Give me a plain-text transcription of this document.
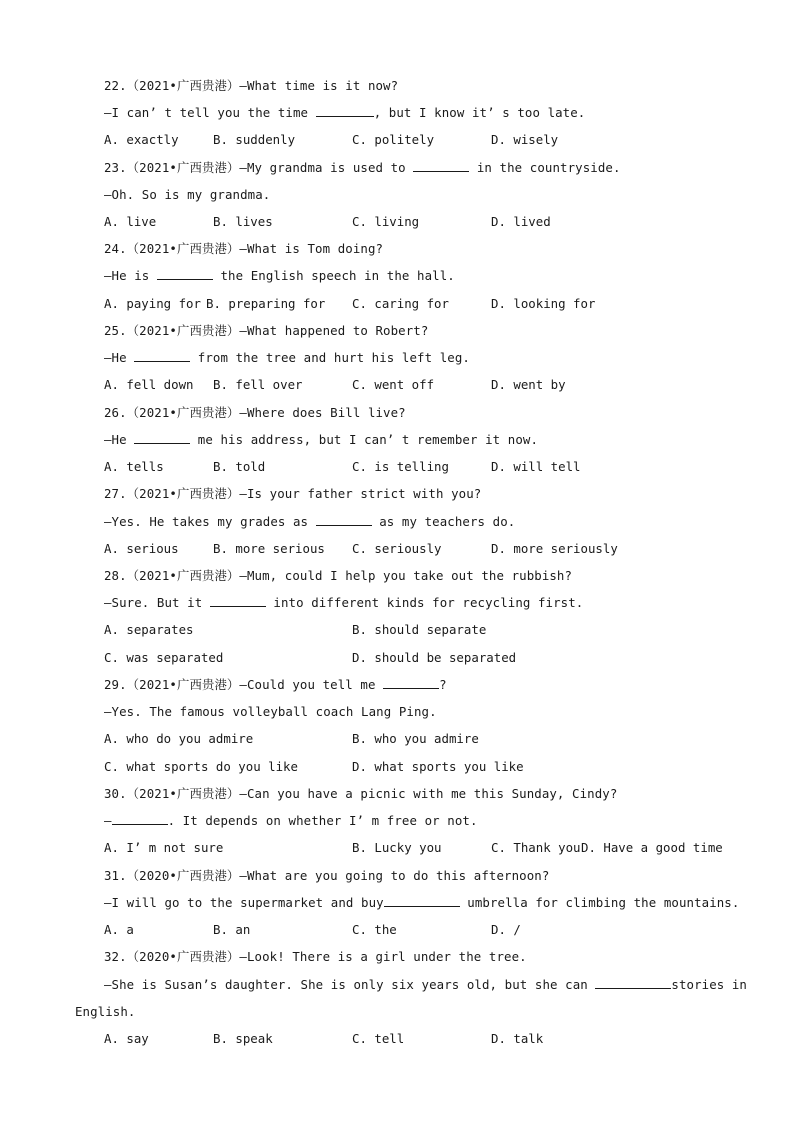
22.（2021•广西贵港）—What time is it now?
—I can’ t tell you the time	, but I know it’ s too late.
A. exactly	B. suddenly	C. politely	D. wisely
23.（2021•广西贵港）—My grandma is used to	in the countryside.
—Oh. So is my grandma.
A. live	B. lives	C. living	D. lived
24.（2021•广西贵港）—What is Tom doing?
—He is	the English speech in the hall.
A. paying for B. preparing for C. caring for	D. looking for
25.（2021•广西贵港）—What happened to Robert?
—He	from the tree and hurt his left leg.
A. fell down B. fell over	C. went off	D. went by
26.（2021•广西贵港）—Where does Bill live?
—He	me his address, but I can’ t remember it now.
A. tells	B. told	C. is telling	D. will tell
27.（2021•广西贵港）—Is your father strict with you?
—Yes. He takes my grades as	as my teachers do.
A. serious	B. more serious C. seriously	D. more seriously
28.（2021•广西贵港）—Mum, could I help you take out the rubbish?
—Sure. But it	into different kinds for recycling first.
A. separates	B. should separate
C. was separated	D. should be separated
29.（2021•广西贵港）—Could you tell me	?
—Yes. The famous volleyball coach Lang Ping.
A. who do you admire	B. who you admire
C. what sports do you like	D. what sports you like
30.（2021•广西贵港）—Can you have a picnic with me this Sunday, Cindy?
—	. It depends on whether I’ m free or not.
A. I’ m not sure	B. Lucky you	C. Thank you D. Have a good time
31.（2020•广西贵港）—What are you going to do this afternoon?
—I will go to the supermarket and buy	umbrella for climbing the mountains.
A. a	B. an	C. the	D. /
32.（2020•广西贵港）—Look! There is a girl under the tree.
—She is Susan’s daughter. She is only six years old, but she can	stories in
English.
A. say	B. speak	C. tell	D. talk
